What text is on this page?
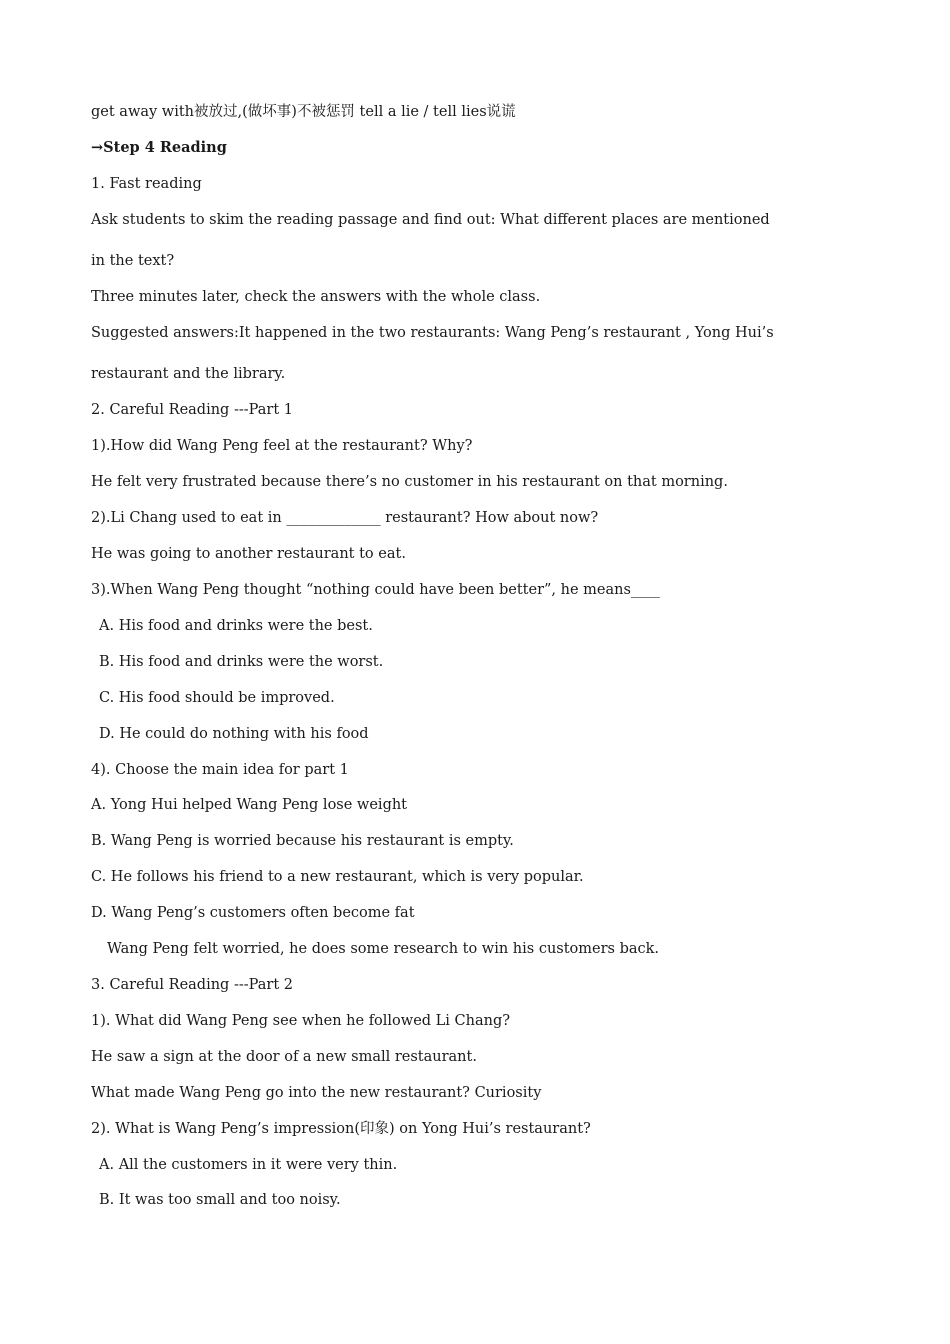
get away with被放过,(做坏事)不被惩罚 tell a lie / tell lies说谎
→Step 4 Reading
1. Fast reading
Ask students to skim the reading passage and find out: What different places are mentioned
in the text?
Three minutes later, check the answers with the whole class.
Suggested answers:It happened in the two restaurants: Wang Peng’s restaurant , Yong Hui’s
restaurant and the library.
2. Careful Reading ---Part 1
1).How did Wang Peng feel at the restaurant? Why?
He felt very frustrated because there’s no customer in his restaurant on that morning.
2).Li Chang used to eat in _____________ restaurant? How about now?
He was going to another restaurant to eat.
3).When Wang Peng thought “nothing could have been better”, he means____
A. His food and drinks were the best.
B. His food and drinks were the worst.
C. His food should be improved.
D. He could do nothing with his food
4). Choose the main idea for part 1
A. Yong Hui helped Wang Peng lose weight
B. Wang Peng is worried because his restaurant is empty.
C. He follows his friend to a new restaurant, which is very popular.
D. Wang Peng’s customers often become fat
Wang Peng felt worried, he does some research to win his customers back.
3. Careful Reading ---Part 2
1). What did Wang Peng see when he followed Li Chang?
He saw a sign at the door of a new small restaurant.
What made Wang Peng go into the new restaurant? Curiosity
2). What is Wang Peng’s impression(印象) on Yong Hui’s restaurant?
A. All the customers in it were very thin.
B. It was too small and too noisy.
